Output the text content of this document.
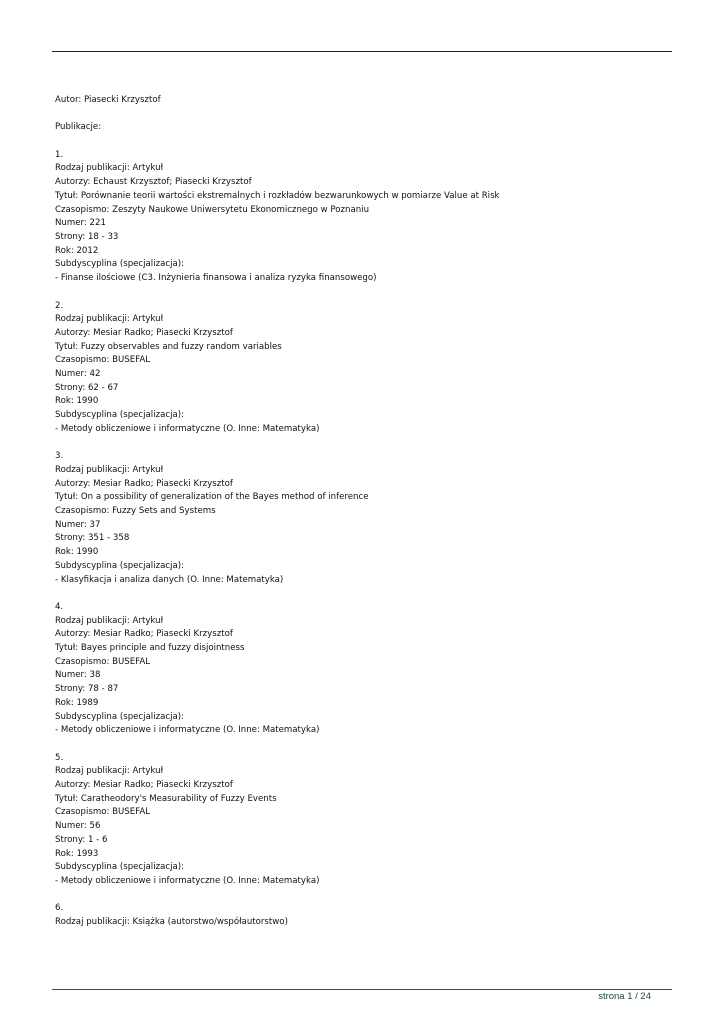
Autor: Piasecki Krzysztof
Publikacje:
1.
Rodzaj publikacji: Artykuł
Autorzy: Echaust Krzysztof; Piasecki Krzysztof
Tytuł: Porównanie teorii wartości ekstremalnych i rozkładów bezwarunkowych w pomiarze Value at Risk
Czasopismo: Zeszyty Naukowe Uniwersytetu Ekonomicznego w Poznaniu
Numer: 221
Strony: 18 - 33
Rok: 2012
Subdyscyplina (specjalizacja):
- Finanse ilościowe (C3. Inżynieria finansowa i analiza ryzyka finansowego)
2.
Rodzaj publikacji: Artykuł
Autorzy: Mesiar Radko; Piasecki Krzysztof
Tytuł: Fuzzy observables and fuzzy random variables
Czasopismo: BUSEFAL
Numer: 42
Strony: 62 - 67
Rok: 1990
Subdyscyplina (specjalizacja):
- Metody obliczeniowe i informatyczne (O. Inne: Matematyka)
3.
Rodzaj publikacji: Artykuł
Autorzy: Mesiar Radko; Piasecki Krzysztof
Tytuł: On a possibility of generalization of the Bayes method of inference
Czasopismo: Fuzzy Sets and Systems
Numer: 37
Strony: 351 - 358
Rok: 1990
Subdyscyplina (specjalizacja):
- Klasyfikacja i analiza danych (O. Inne: Matematyka)
4.
Rodzaj publikacji: Artykuł
Autorzy: Mesiar Radko; Piasecki Krzysztof
Tytuł: Bayes principle and fuzzy disjointness
Czasopismo: BUSEFAL
Numer: 38
Strony: 78 - 87
Rok: 1989
Subdyscyplina (specjalizacja):
- Metody obliczeniowe i informatyczne (O. Inne: Matematyka)
5.
Rodzaj publikacji: Artykuł
Autorzy: Mesiar Radko; Piasecki Krzysztof
Tytuł: Caratheodory's Measurability of Fuzzy Events
Czasopismo: BUSEFAL
Numer: 56
Strony: 1 - 6
Rok: 1993
Subdyscyplina (specjalizacja):
- Metody obliczeniowe i informatyczne (O. Inne: Matematyka)
6.
Rodzaj publikacji: Książka (autorstwo/współautorstwo)
strona 1 / 24
